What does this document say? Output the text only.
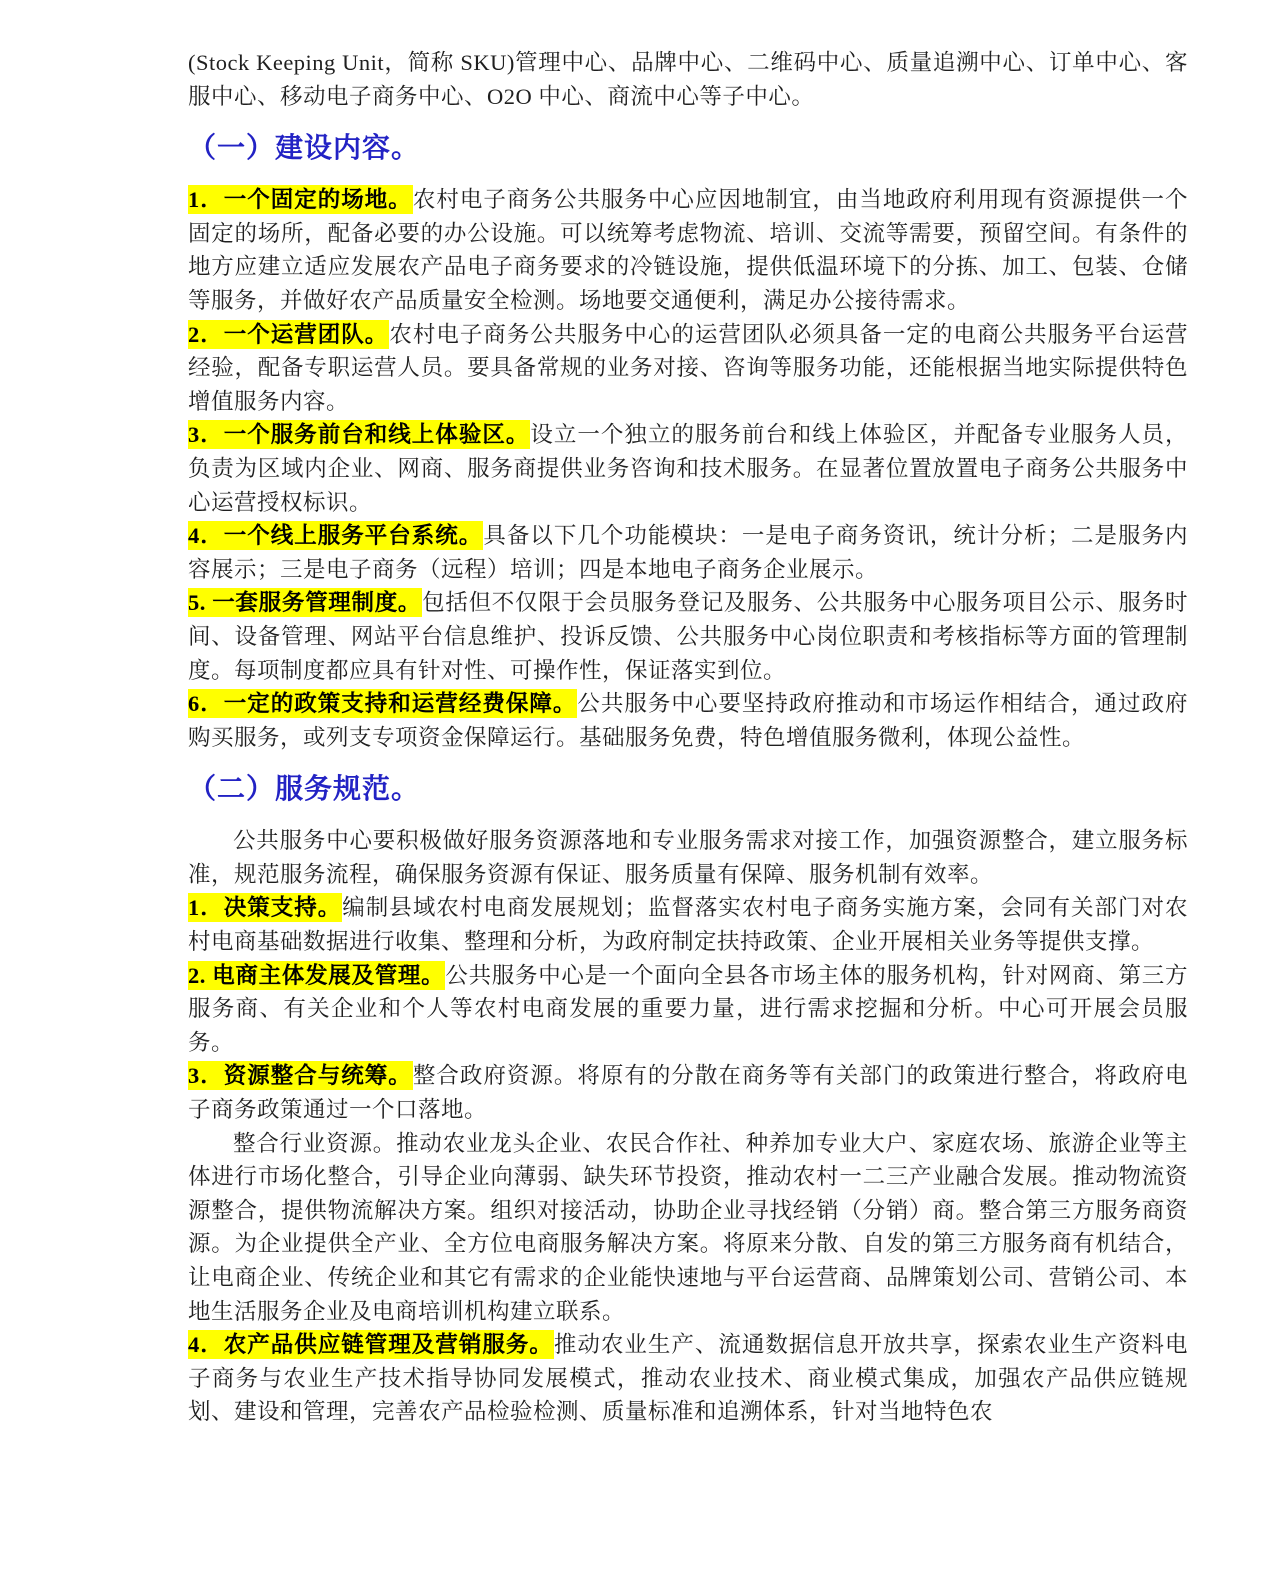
(Stock Keeping Unit，简称 SKU)管理中心、品牌中心、二维码中心、质量追溯中心、订单中心、客服中心、移动电子商务中心、O2O 中心、商流中心等子中心。

（一）建设内容。

1．一个固定的场地。农村电子商务公共服务中心应因地制宜，由当地政府利用现有资源提供一个固定的场所，配备必要的办公设施。可以统筹考虑物流、培训、交流等需要，预留空间。有条件的地方应建立适应发展农产品电子商务要求的冷链设施，提供低温环境下的分拣、加工、包装、仓储等服务，并做好农产品质量安全检测。场地要交通便利，满足办公接待需求。

2．一个运营团队。农村电子商务公共服务中心的运营团队必须具备一定的电商公共服务平台运营经验，配备专职运营人员。要具备常规的业务对接、咨询等服务功能，还能根据当地实际提供特色增值服务内容。

3．一个服务前台和线上体验区。设立一个独立的服务前台和线上体验区，并配备专业服务人员，负责为区域内企业、网商、服务商提供业务咨询和技术服务。在显著位置放置电子商务公共服务中心运营授权标识。

4．一个线上服务平台系统。具备以下几个功能模块：一是电子商务资讯，统计分析；二是服务内容展示；三是电子商务（远程）培训；四是本地电子商务企业展示。

5. 一套服务管理制度。包括但不仅限于会员服务登记及服务、公共服务中心服务项目公示、服务时间、设备管理、网站平台信息维护、投诉反馈、公共服务中心岗位职责和考核指标等方面的管理制度。每项制度都应具有针对性、可操作性，保证落实到位。

6．一定的政策支持和运营经费保障。公共服务中心要坚持政府推动和市场运作相结合，通过政府购买服务，或列支专项资金保障运行。基础服务免费，特色增值服务微利，体现公益性。

（二）服务规范。

公共服务中心要积极做好服务资源落地和专业服务需求对接工作，加强资源整合，建立服务标准，规范服务流程，确保服务资源有保证、服务质量有保障、服务机制有效率。

1．决策支持。编制县域农村电商发展规划；监督落实农村电子商务实施方案，会同有关部门对农村电商基础数据进行收集、整理和分析，为政府制定扶持政策、企业开展相关业务等提供支撑。

2. 电商主体发展及管理。公共服务中心是一个面向全县各市场主体的服务机构，针对网商、第三方服务商、有关企业和个人等农村电商发展的重要力量，进行需求挖掘和分析。中心可开展会员服务。

3．资源整合与统筹。整合政府资源。将原有的分散在商务等有关部门的政策进行整合，将政府电子商务政策通过一个口落地。

整合行业资源。推动农业龙头企业、农民合作社、种养加专业大户、家庭农场、旅游企业等主体进行市场化整合，引导企业向薄弱、缺失环节投资，推动农村一二三产业融合发展。推动物流资源整合，提供物流解决方案。组织对接活动，协助企业寻找经销（分销）商。整合第三方服务商资源。为企业提供全产业、全方位电商服务解决方案。将原来分散、自发的第三方服务商有机结合，让电商企业、传统企业和其它有需求的企业能快速地与平台运营商、品牌策划公司、营销公司、本地生活服务企业及电商培训机构建立联系。

4．农产品供应链管理及营销服务。推动农业生产、流通数据信息开放共享，探索农业生产资料电子商务与农业生产技术指导协同发展模式，推动农业技术、商业模式集成，加强农产品供应链规划、建设和管理，完善农产品检验检测、质量标准和追溯体系，针对当地特色农
